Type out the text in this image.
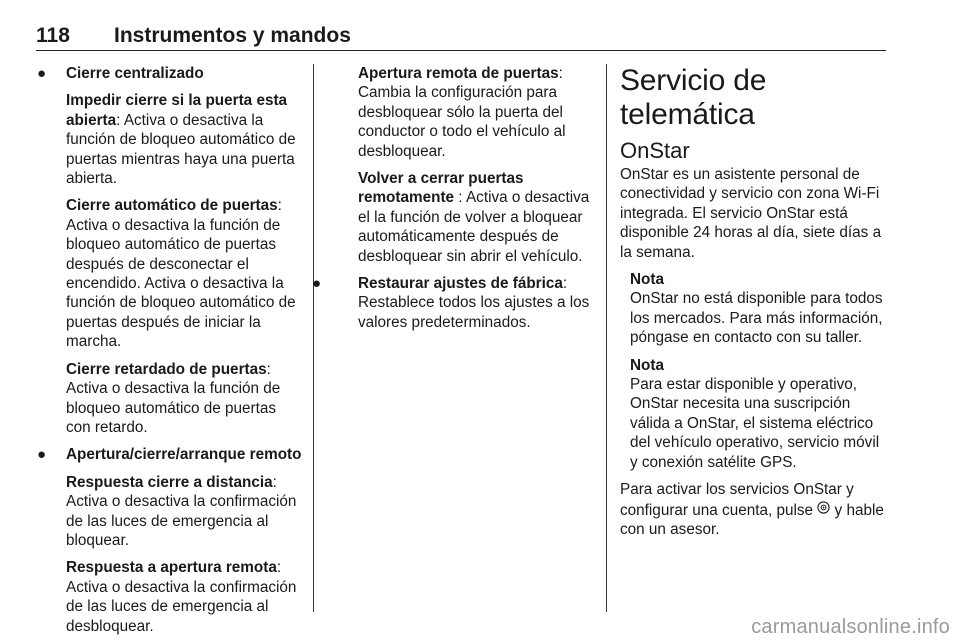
118 Instrumentos y mandos
● Cierre centralizado
Impedir cierre si la puerta esta abierta: Activa o desactiva la función de bloqueo automático de puertas mientras haya una puerta abierta.
Cierre automático de puertas: Activa o desactiva la función de bloqueo automático de puertas después de desconectar el encendido. Activa o desactiva la función de bloqueo automático de puertas después de iniciar la marcha.
Cierre retardado de puertas: Activa o desactiva la función de bloqueo automático de puertas con retardo.
● Apertura/cierre/arranque remoto
Respuesta cierre a distancia: Activa o desactiva la confirmación de las luces de emergencia al bloquear.
Respuesta a apertura remota: Activa o desactiva la confirmación de las luces de emergencia al desbloquear.
Apertura remota de puertas: Cambia la configuración para desbloquear sólo la puerta del conductor o todo el vehículo al desbloquear.
Volver a cerrar puertas remotamente : Activa o desactiva el la función de volver a bloquear automáticamente después de desbloquear sin abrir el vehículo.
● Restaurar ajustes de fábrica: Restablece todos los ajustes a los valores predeterminados.
Servicio de telemática
OnStar
OnStar es un asistente personal de conectividad y servicio con zona Wi-Fi integrada. El servicio OnStar está disponible 24 horas al día, siete días a la semana.
Nota
OnStar no está disponible para todos los mercados. Para más información, póngase en contacto con su taller.
Nota
Para estar disponible y operativo, OnStar necesita una suscripción válida a OnStar, el sistema eléctrico del vehículo operativo, servicio móvil y conexión satélite GPS.
Para activar los servicios OnStar y configurar una cuenta, pulse  y hable con un asesor.
carmanualsonline.info
